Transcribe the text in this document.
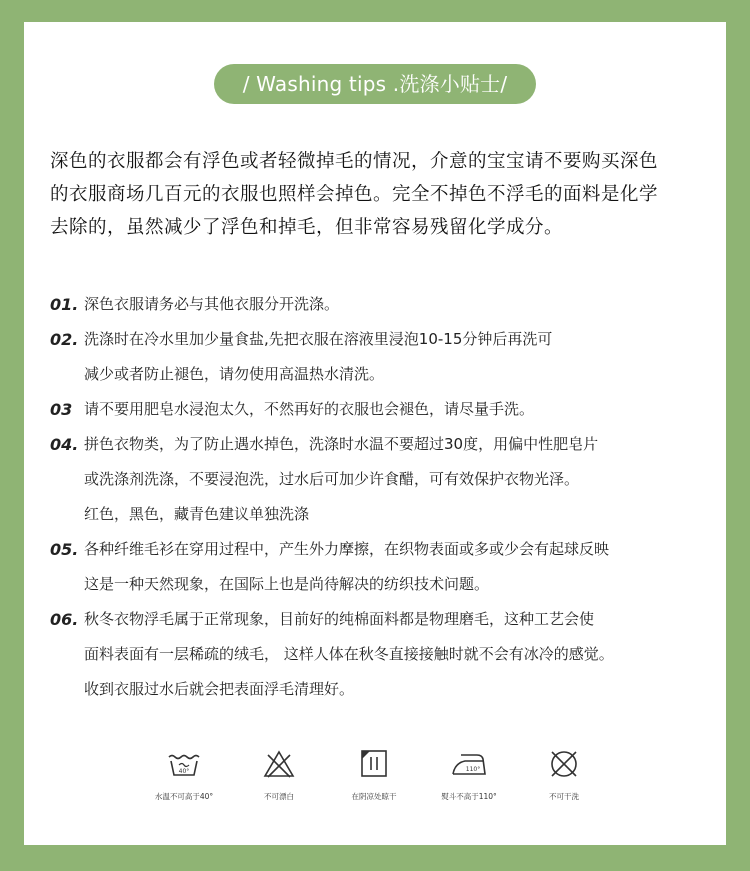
/ Washing tips .洗涤小贴士/
深色的衣服都会有浮色或者轻微掉毛的情况，介意的宝宝请不要购买深色
的衣服商场几百元的衣服也照样会掉色。完全不掉色不浮毛的面料是化学
去除的，虽然减少了浮色和掉毛，但非常容易残留化学成分。
01. 深色衣服请务必与其他衣服分开洗涤。
02. 洗涤时在冷水里加少量食盐,先把衣服在溶液里浸泡10-15分钟后再洗可
减少或者防止褪色，请勿使用高温热水清洗。
03 请不要用肥皂水浸泡太久，不然再好的衣服也会褪色，请尽量手洗。
04. 拼色衣物类，为了防止遇水掉色，洗涤时水温不要超过30度，用偏中性肥皂片
或洗涤剂洗涤，不要浸泡洗，过水后可加少许食醋，可有效保护衣物光泽。
红色，黑色，藏青色建议单独洗涤
05. 各种纤维毛衫在穿用过程中，产生外力摩擦，在织物表面或多或少会有起球反映
这是一种天然现象，在国际上也是尚待解决的纺织技术问题。
06. 秋冬衣物浮毛属于正常现象，目前好的纯棉面料都是物理磨毛，这种工艺会使
面料表面有一层稀疏的绒毛， 这样人体在秋冬直接接触时就不会有冰冷的感觉。
收到衣服过水后就会把表面浮毛清理好。
40°
水温不可高于40°	不可漂白	在阴凉处晾干
110°
熨斗不高于110°	不可干洗
